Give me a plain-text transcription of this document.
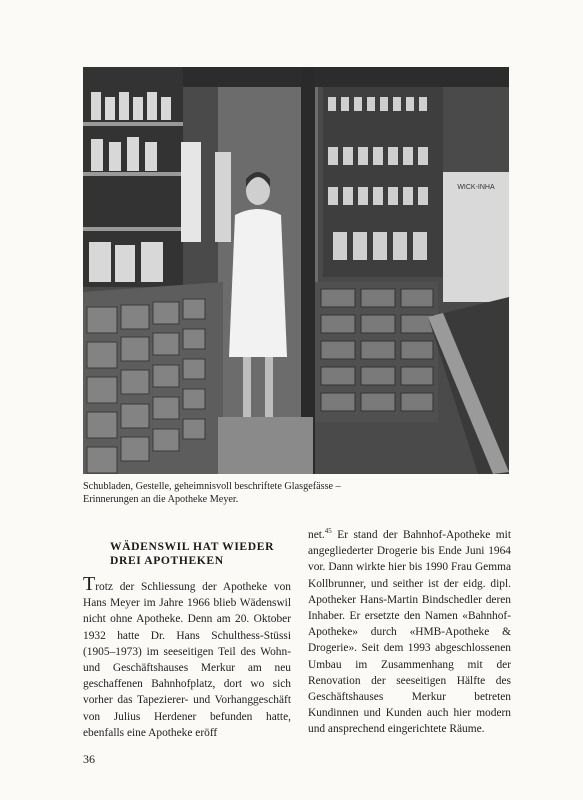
WICK-INHA
Schubladen, Gestelle, geheimnisvoll beschriftete Glasgefässe –
Erinnerungen an die Apotheke Meyer.
WÄDENSWIL HAT WIEDER
DREI APOTHEKEN

Trotz der Schliessung der Apotheke von Hans Meyer im Jahre 1966 blieb Wädenswil nicht ohne Apotheke. Denn am 20. Oktober 1932 hatte Dr. Hans Schulthess-Stüssi (1905–1973) im seeseitigen Teil des Wohn- und Geschäftshauses Merkur am neu geschaffenen Bahnhofplatz, dort wo sich vorher das Tapezierer- und Vorhanggeschäft von Julius Herdener befunden hatte, ebenfalls eine Apotheke eröff

net.$^{45}$ Er stand der Bahnhof-Apotheke mit angegliederter Drogerie bis Ende Juni 1964 vor. Dann wirkte hier bis 1990 Frau Gemma Kollbrunner, und seither ist der eidg. dipl. Apotheker Hans-Martin Bindschedler deren Inhaber. Er ersetzte den Namen «Bahnhof-Apotheke» durch «HMB-Apotheke & Drogerie». Seit dem 1993 abgeschlossenen Umbau im Zusammenhang mit der Renovation der seeseitigen Hälfte des Geschäftshauses Merkur betreten Kundinnen und Kunden auch hier modern und ansprechend eingerichtete Räume.

36
